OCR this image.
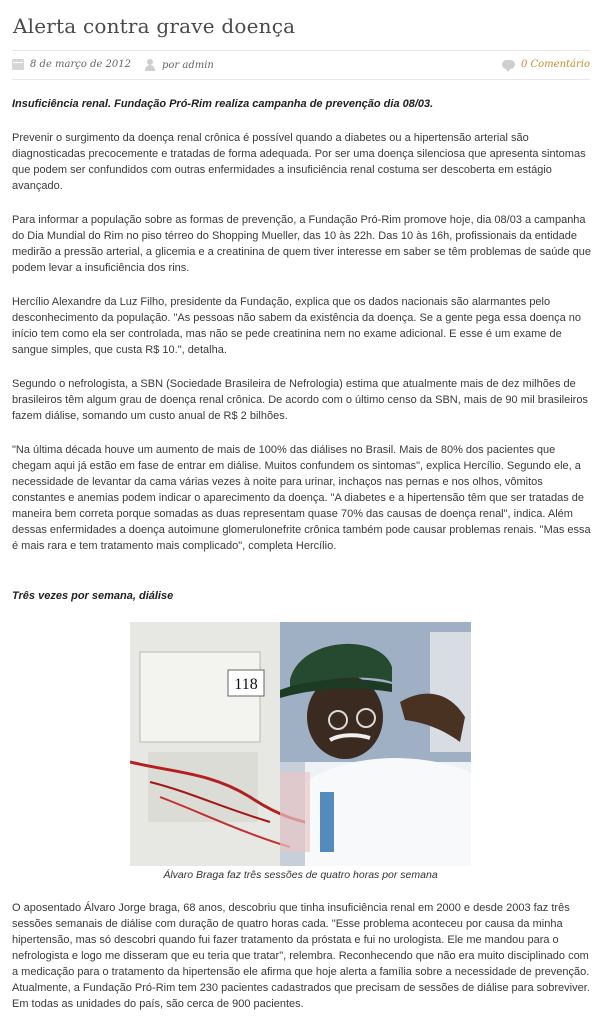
Alerta contra grave doença
8 de março de 2012	por admin	0 Comentário

Insuficiência renal. Fundação Pró-Rim realiza campanha de prevenção dia 08/03.

Prevenir o surgimento da doença renal crônica é possível quando a diabetes ou a hipertensão arterial são diagnosticadas precocemente e tratadas de forma adequada. Por ser uma doença silenciosa que apresenta sintomas que podem ser confundidos com outras enfermidades a insuficiência renal costuma ser descoberta em estágio avançado.

Para informar a população sobre as formas de prevenção, a Fundação Pró-Rim promove hoje, dia 08/03 a campanha do Dia Mundial do Rim no piso térreo do Shopping Mueller, das 10 às 22h. Das 10 às 16h, profissionais da entidade medirão a pressão arterial, a glicemia e a creatinina de quem tiver interesse em saber se têm problemas de saúde que podem levar a insuficiência dos rins.

Hercílio Alexandre da Luz Filho, presidente da Fundação, explica que os dados nacionais são alarmantes pelo desconhecimento da população. "As pessoas não sabem da existência da doença. Se a gente pega essa doença no início tem como ela ser controlada, mas não se pede creatinina nem no exame adicional. E esse é um exame de sangue simples, que custa R$ 10.", detalha.

Segundo o nefrologista, a SBN (Sociedade Brasileira de Nefrologia) estima que atualmente mais de dez milhões de brasileiros têm algum grau de doença renal crônica. De acordo com o último censo da SBN, mais de 90 mil brasileiros fazem diálise, somando um custo anual de R$ 2 bilhões.

"Na última década houve um aumento de mais de 100% das diálises no Brasil. Mais de 80% dos pacientes que chegam aqui já estão em fase de entrar em diálise. Muitos confundem os sintomas", explica Hercílio. Segundo ele, a necessidade de levantar da cama várias vezes à noite para urinar, inchaços nas pernas e nos olhos, vômitos constantes e anemias podem indicar o aparecimento da doença. "A diabetes e a hipertensão têm que ser tratadas de maneira bem correta porque somadas as duas representam quase 70% das causas de doença renal", indica. Além dessas enfermidades a doença autoimune glomerulonefrite crônica também pode causar problemas renais. "Mas essa é mais rara e tem tratamento mais complicado", completa Hercílio.

Três vezes por semana, diálise

118

Álvaro Braga faz três sessões de quatro horas por semana

O aposentado Álvaro Jorge braga, 68 anos, descobriu que tinha insuficiência renal em 2000 e desde 2003 faz três sessões semanais de diálise com duração de quatro horas cada. "Esse problema aconteceu por causa da minha hipertensão, mas só descobri quando fui fazer tratamento da próstata e fui no urologista. Ele me mandou para o nefrologista e logo me disseram que eu teria que tratar", relembra. Reconhecendo que não era muito disciplinado com a medicação para o tratamento da hipertensão ele afirma que hoje alerta a família sobre a necessidade de prevenção. Atualmente, a Fundação Pró-Rim tem 230 pacientes cadastrados que precisam de sessões de diálise para sobreviver. Em todas as unidades do país, são cerca de 900 pacientes.
